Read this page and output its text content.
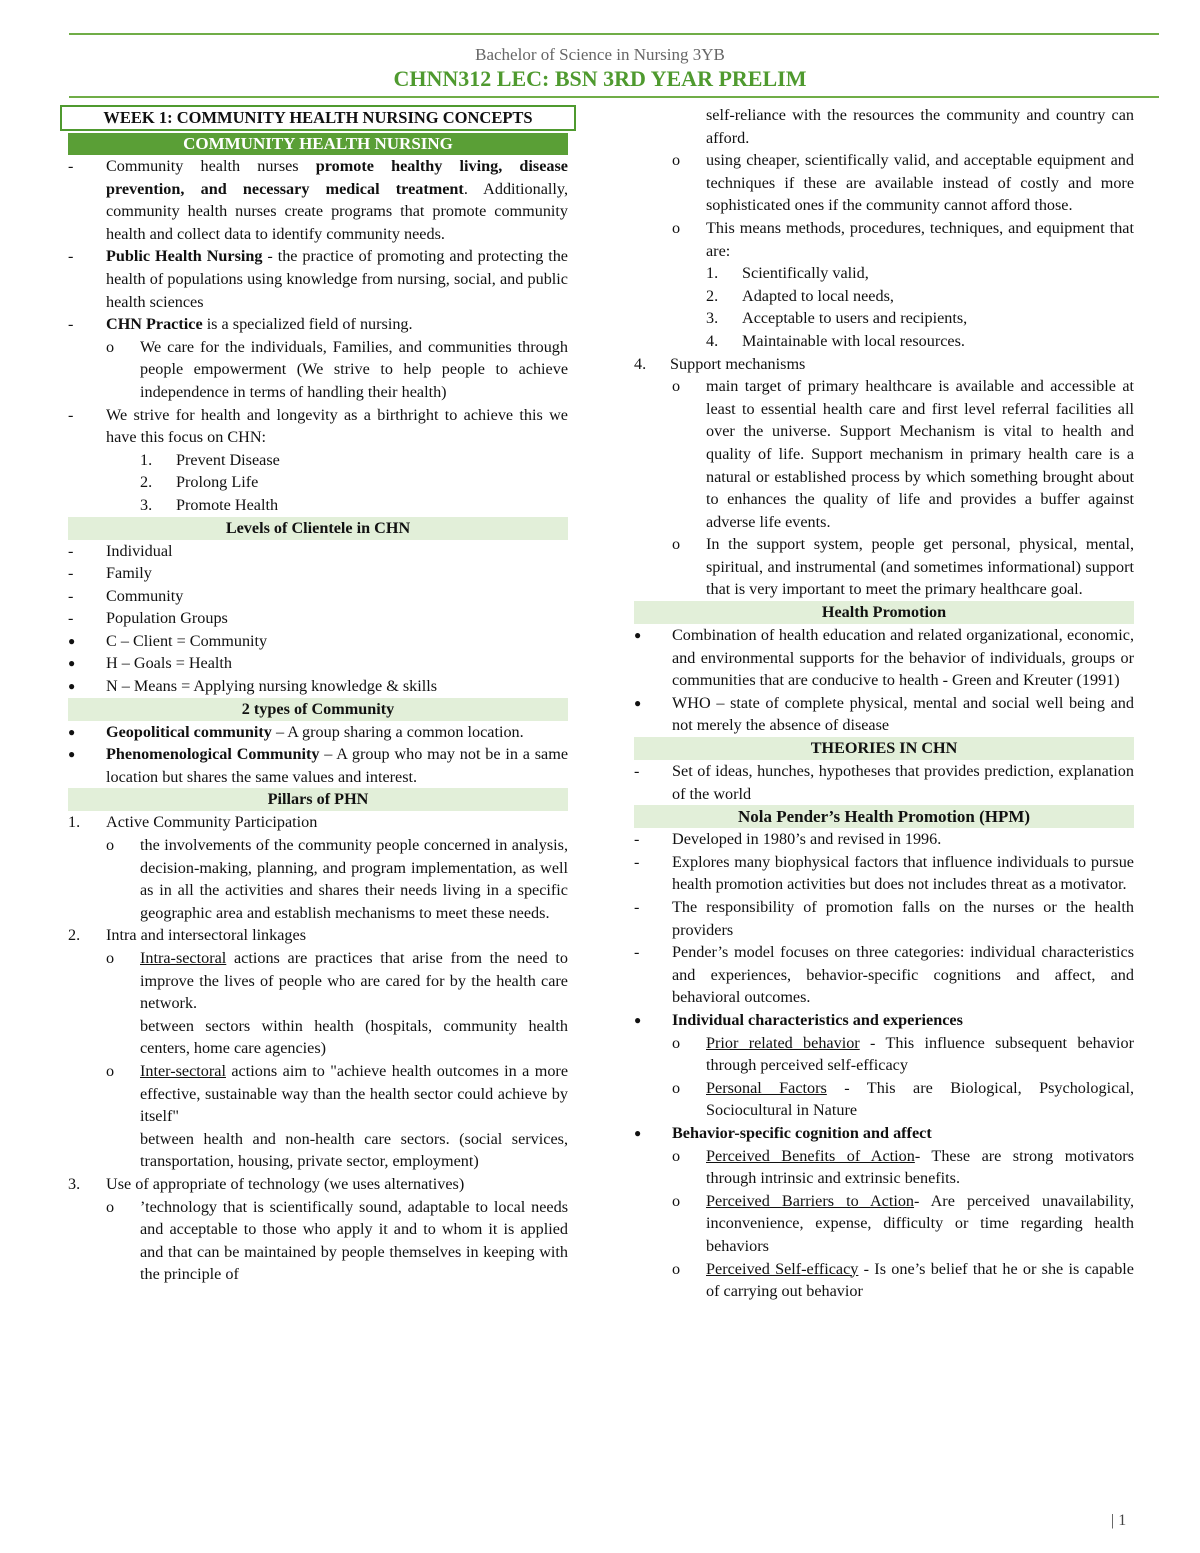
Bachelor of Science in Nursing 3YB
CHNN312 LEC: BSN 3RD YEAR PRELIM
WEEK 1: COMMUNITY HEALTH NURSING CONCEPTS
COMMUNITY HEALTH NURSING
- Community health nurses promote healthy living, disease prevention, and necessary medical treatment. Additionally, community health nurses create programs that promote community health and collect data to identify community needs.
- Public Health Nursing - the practice of promoting and protecting the health of populations using knowledge from nursing, social, and public health sciences
- CHN Practice is a specialized field of nursing.
o We care for the individuals, Families, and communities through people empowerment (We strive to help people to achieve independence in terms of handling their health)
- We strive for health and longevity as a birthright to achieve this we have this focus on CHN:
1. Prevent Disease
2. Prolong Life
3. Promote Health
Levels of Clientele in CHN
- Individual
- Family
- Community
- Population Groups
● C – Client = Community
● H – Goals = Health
● N – Means = Applying nursing knowledge & skills
2 types of Community
● Geopolitical community – A group sharing a common location.
● Phenomenological Community – A group who may not be in a same location but shares the same values and interest.
Pillars of PHN
1. Active Community Participation
o the involvements of the community people concerned in analysis, decision-making, planning, and program implementation, as well as in all the activities and shares their needs living in a specific geographic area and establish mechanisms to meet these needs.
2. Intra and intersectoral linkages
o Intra-sectoral actions are practices that arise from the need to improve the lives of people who are cared for by the health care network.
between sectors within health (hospitals, community health centers, home care agencies)
o Inter-sectoral actions aim to "achieve health outcomes in a more effective, sustainable way than the health sector could achieve by itself"
between health and non-health care sectors. (social services, transportation, housing, private sector, employment)
3. Use of appropriate of technology (we uses alternatives)
o ’technology that is scientifically sound, adaptable to local needs and acceptable to those who apply it and to whom it is applied and that can be maintained by people themselves in keeping with the principle of
self-reliance with the resources the community and country can afford.
o using cheaper, scientifically valid, and acceptable equipment and techniques if these are available instead of costly and more sophisticated ones if the community cannot afford those.
o This means methods, procedures, techniques, and equipment that are:
1. Scientifically valid,
2. Adapted to local needs,
3. Acceptable to users and recipients,
4. Maintainable with local resources.
4. Support mechanisms
o main target of primary healthcare is available and accessible at least to essential health care and first level referral facilities all over the universe. Support Mechanism is vital to health and quality of life. Support mechanism in primary health care is a natural or established process by which something brought about to enhances the quality of life and provides a buffer against adverse life events.
o In the support system, people get personal, physical, mental, spiritual, and instrumental (and sometimes informational) support that is very important to meet the primary healthcare goal.
Health Promotion
● Combination of health education and related organizational, economic, and environmental supports for the behavior of individuals, groups or communities that are conducive to health - Green and Kreuter (1991)
● WHO – state of complete physical, mental and social well being and not merely the absence of disease
THEORIES IN CHN
- Set of ideas, hunches, hypotheses that provides prediction, explanation of the world
Nola Pender’s Health Promotion (HPM)
- Developed in 1980’s and revised in 1996.
- Explores many biophysical factors that influence individuals to pursue health promotion activities but does not includes threat as a motivator.
- The responsibility of promotion falls on the nurses or the health providers
- Pender’s model focuses on three categories: individual characteristics and experiences, behavior-specific cognitions and affect, and behavioral outcomes.
● Individual characteristics and experiences
o Prior related behavior - This influence subsequent behavior through perceived self-efficacy
o Personal Factors - This are Biological, Psychological, Sociocultural in Nature
● Behavior-specific cognition and affect
o Perceived Benefits of Action- These are strong motivators through intrinsic and extrinsic benefits.
o Perceived Barriers to Action- Are perceived unavailability, inconvenience, expense, difficulty or time regarding health behaviors
o Perceived Self-efficacy - Is one’s belief that he or she is capable of carrying out behavior
| 1
